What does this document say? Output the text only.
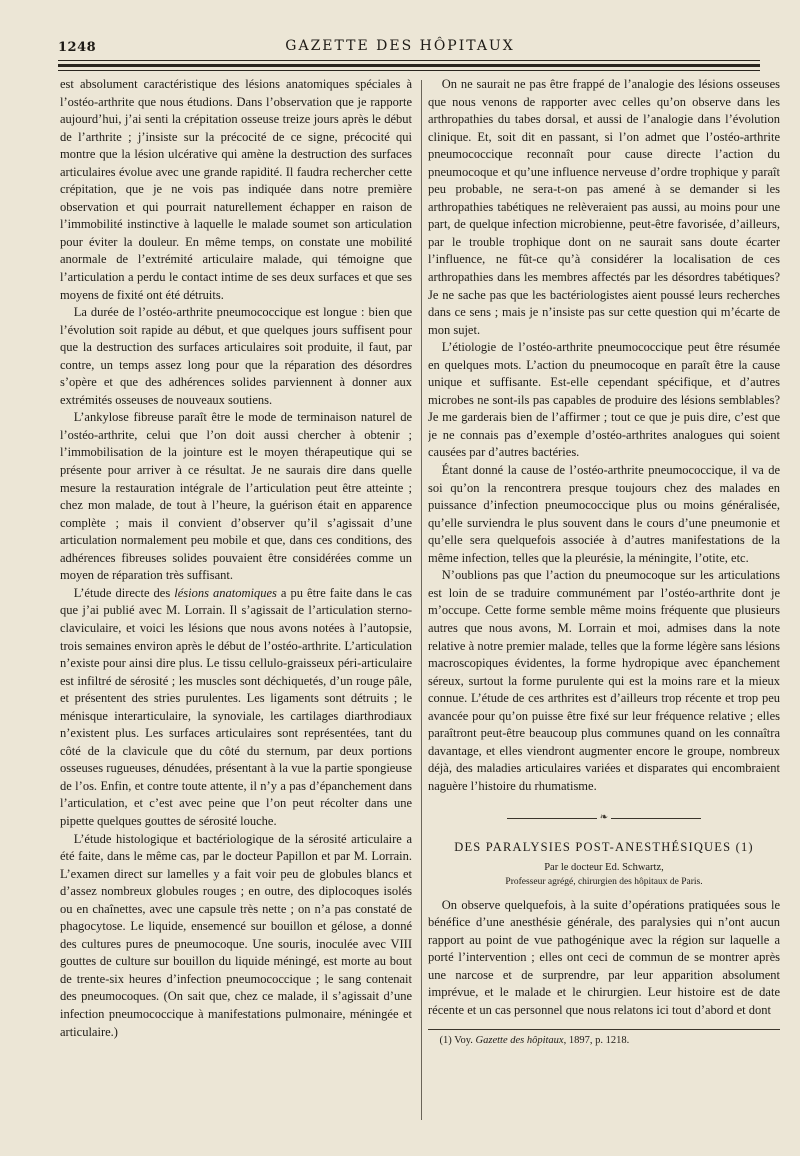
1248	GAZETTE DES HÔPITAUX

est absolument caractéristique des lésions anatomiques spéciales à l’ostéo-arthrite que nous étudions. Dans l’observation que je rapporte aujourd’hui, j’ai senti la crépitation osseuse treize jours après le début de l’arthrite ; j’insiste sur la précocité de ce signe, précocité qui montre que la lésion ulcérative qui amène la destruction des surfaces articulaires évolue avec une grande rapidité. Il faudra rechercher cette crépitation, que je ne vois pas indiquée dans notre première observation et qui pourrait naturellement échapper en raison de l’immobilité instinctive à laquelle le malade soumet son articulation pour éviter la douleur. En même temps, on constate une mobilité anormale de l’extrémité articulaire malade, qui témoigne que l’articulation a perdu le contact intime de ses deux surfaces et que ses moyens de fixité ont été détruits.

La durée de l’ostéo-arthrite pneumococcique est longue : bien que l’évolution soit rapide au début, et que quelques jours suffisent pour que la destruction des surfaces articulaires soit produite, il faut, par contre, un temps assez long pour que la réparation des désordres s’opère et que des adhérences solides parviennent à donner aux extrémités osseuses de nouveaux soutiens.

L’ankylose fibreuse paraît être le mode de terminaison naturel de l’ostéo-arthrite, celui que l’on doit aussi chercher à obtenir ; l’immobilisation de la jointure est le moyen thérapeutique qui se présente pour arriver à ce résultat. Je ne saurais dire dans quelle mesure la restauration intégrale de l’articulation peut être atteinte ; chez mon malade, de tout à l’heure, la guérison était en apparence complète ; mais il convient d’observer qu’il s’agissait d’une articulation normalement peu mobile et que, dans ces conditions, des adhérences fibreuses solides pouvaient être considérées comme un moyen de réparation très suffisant.

L’étude directe des lésions anatomiques a pu être faite dans le cas que j’ai publié avec M. Lorrain. Il s’agissait de l’articulation sterno-claviculaire, et voici les lésions que nous avons notées à l’autopsie, trois semaines environ après le début de l’ostéo-arthrite. L’articulation n’existe pour ainsi dire plus. Le tissu cellulo-graisseux péri-articulaire est infiltré de sérosité ; les muscles sont déchiquetés, d’un rouge pâle, et présentent des stries purulentes. Les ligaments sont détruits ; le ménisque interarticulaire, la synoviale, les cartilages diarthrodiaux n’existent plus. Les surfaces articulaires sont représentées, tant du côté de la clavicule que du côté du sternum, par deux portions osseuses rugueuses, dénudées, présentant à la vue la partie spongieuse de l’os. Enfin, et contre toute attente, il n’y a pas d’épanchement dans l’articulation, et c’est avec peine que l’on peut récolter dans une pipette quelques gouttes de sérosité louche.

L’étude histologique et bactériologique de la sérosité articulaire a été faite, dans le même cas, par le docteur Papillon et par M. Lorrain. L’examen direct sur lamelles y a fait voir peu de globules blancs et d’assez nombreux globules rouges ; en outre, des diplocoques isolés ou en chaînettes, avec une capsule très nette ; on n’a pas constaté de phagocytose. Le liquide, ensemencé sur bouillon et gélose, a donné des cultures pures de pneumocoque. Une souris, inoculée avec VIII gouttes de culture sur bouillon du liquide méningé, est morte au bout de trente-six heures d’infection pneumococcique ; le sang contenait des pneumocoques. (On sait que, chez ce malade, il s’agissait d’une infection pneumococcique à manifestations pulmonaire, méningée et articulaire.)

On ne saurait ne pas être frappé de l’analogie des lésions osseuses que nous venons de rapporter avec celles qu’on observe dans les arthropathies du tabes dorsal, et aussi de l’analogie dans l’évolution clinique. Et, soit dit en passant, si l’on admet que l’ostéo-arthrite pneumococcique reconnaît pour cause directe l’action du pneumocoque et qu’une influence nerveuse d’ordre trophique y paraît peu probable, ne sera-t-on pas amené à se demander si les arthropathies tabétiques ne relèveraient pas aussi, au moins pour une part, de quelque infection microbienne, peut-être favorisée, d’ailleurs, par le trouble trophique dont on ne saurait sans doute écarter l’influence, ne fût-ce qu’à considérer la localisation de ces arthropathies dans les membres affectés par les désordres tabétiques? Je ne sache pas que les bactériologistes aient poussé leurs recherches dans ce sens ; mais je n’insiste pas sur cette question qui m’écarte de mon sujet.

L’étiologie de l’ostéo-arthrite pneumococcique peut être résumée en quelques mots. L’action du pneumocoque en paraît être la cause unique et suffisante. Est-elle cependant spécifique, et d’autres microbes ne sont-ils pas capables de produire des lésions semblables? Je me garderais bien de l’affirmer ; tout ce que je puis dire, c’est que je ne connais pas d’exemple d’ostéo-arthrites analogues qui soient causées par d’autres bactéries.

Étant donné la cause de l’ostéo-arthrite pneumococcique, il va de soi qu’on la rencontrera presque toujours chez des malades en puissance d’infection pneumococcique plus ou moins généralisée, qu’elle surviendra le plus souvent dans le cours d’une pneumonie et qu’elle sera quelquefois associée à d’autres manifestations de la même infection, telles que la pleurésie, la méningite, l’otite, etc.

N’oublions pas que l’action du pneumocoque sur les articulations est loin de se traduire communément par l’ostéo-arthrite dont je m’occupe. Cette forme semble même moins fréquente que plusieurs autres que nous avons, M. Lorrain et moi, admises dans la note relative à notre premier malade, telles que la forme légère sans lésions macroscopiques évidentes, la forme hydropique avec épanchement séreux, surtout la forme purulente qui est la moins rare et la mieux connue. L’étude de ces arthrites est d’ailleurs trop récente et trop peu avancée pour qu’on puisse être fixé sur leur fréquence relative ; elles paraîtront peut-être beaucoup plus communes quand on les connaîtra davantage, et elles viendront augmenter encore le groupe, nombreux déjà, des maladies articulaires variées et disparates qui encombraient naguère l’histoire du rhumatisme.

❧
DES PARALYSIES POST-ANESTHÉSIQUES (1)
Par le docteur Ed. Schwartz,
Professeur agrégé, chirurgien des hôpitaux de Paris.

On observe quelquefois, à la suite d’opérations pratiquées sous le bénéfice d’une anesthésie générale, des paralysies qui n’ont aucun rapport au point de vue pathogénique avec la région sur laquelle a porté l’intervention ; elles ont ceci de commun de se montrer après une narcose et de surprendre, par leur apparition absolument imprévue, et le malade et le chirurgien. Leur histoire est de date récente et un cas personnel que nous relatons ici tout d’abord et dont

(1) Voy. Gazette des hôpitaux, 1897, p. 1218.
